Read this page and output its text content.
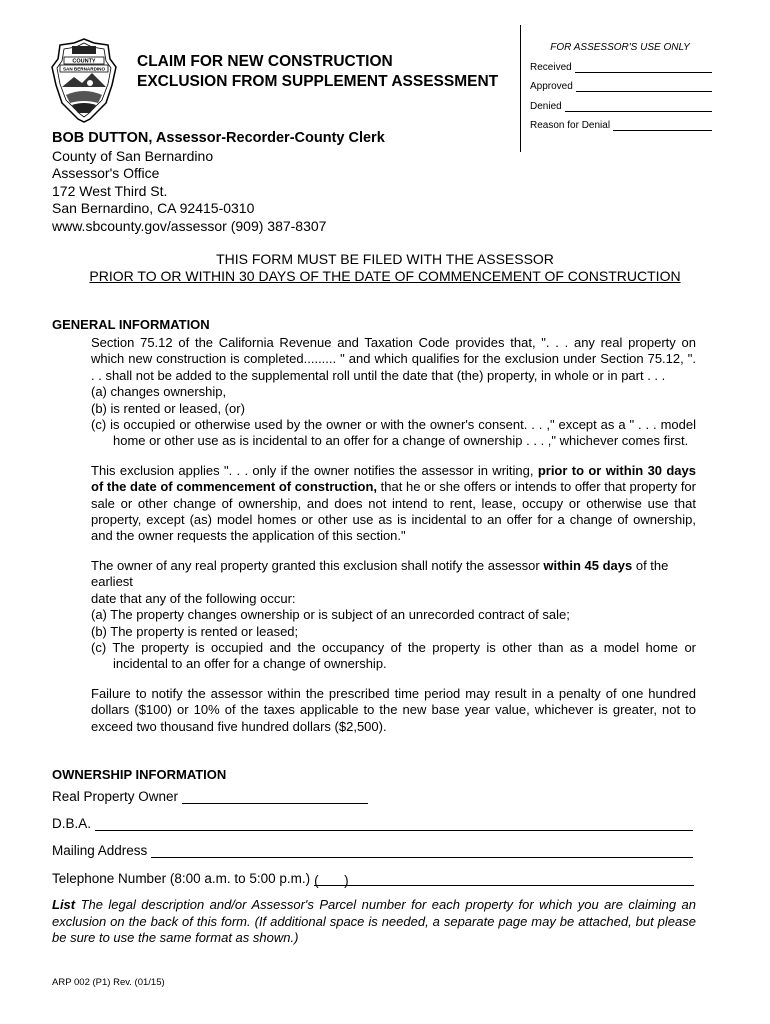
COUNTY
SAN BERNARDINO CLAIM FOR NEW CONSTRUCTION
EXCLUSION FROM SUPPLEMENT ASSESSMENT
FOR ASSESSOR'S USE ONLY
Received
Approved
Denied
Reason for Denial
BOB DUTTON, Assessor-Recorder-County Clerk
County of San Bernardino
Assessor's Office
172 West Third St.
San Bernardino, CA 92415-0310
www.sbcounty.gov/assessor (909) 387-8307
THIS FORM MUST BE FILED WITH THE ASSESSOR
PRIOR TO OR WITHIN 30 DAYS OF THE DATE OF COMMENCEMENT OF CONSTRUCTION
GENERAL INFORMATION

Section 75.12 of the California Revenue and Taxation Code provides that, ". . . any real property on which new construction is completed......... " and which qualifies for the exclusion under Section 75.12, ". . . shall not be added to the supplemental roll until the date that (the) property, in whole or in part . . .

(a) changes ownership,

(b) is rented or leased, (or)

(c) is occupied or otherwise used by the owner or with the owner's consent. . . ," except as a " . . . model home or other use as is incidental to an offer for a change of ownership . . . ," whichever comes first.

This exclusion applies ". . . only if the owner notifies the assessor in writing, prior to or within 30 days of the date of commencement of construction, that he or she offers or intends to offer that property for sale or other change of ownership, and does not intend to rent, lease, occupy or otherwise use that property, except (as) model homes or other use as is incidental to an offer for a change of ownership, and the owner requests the application of this section."

The owner of any real property granted this exclusion shall notify the assessor within 45 days of the earliest

date that any of the following occur:

(a) The property changes ownership or is subject of an unrecorded contract of sale;

(b) The property is rented or leased;

(c) The property is occupied and the occupancy of the property is other than as a model home or incidental to an offer for a change of ownership.

Failure to notify the assessor within the prescribed time period may result in a penalty of one hundred dollars ($100) or 10% of the taxes applicable to the new base year value, whichever is greater, not to exceed two thousand five hundred dollars ($2,500).

OWNERSHIP INFORMATION
Real Property Owner
D.B.A.
Mailing Address
Telephone Number (8:00 a.m. to 5:00 p.m.) ( )
List The legal description and/or Assessor's Parcel number for each property for which you are claiming an exclusion on the back of this form. (If additional space is needed, a separate page may be attached, but please be sure to use the same format as shown.)
ARP 002 (P1) Rev. (01/15)
